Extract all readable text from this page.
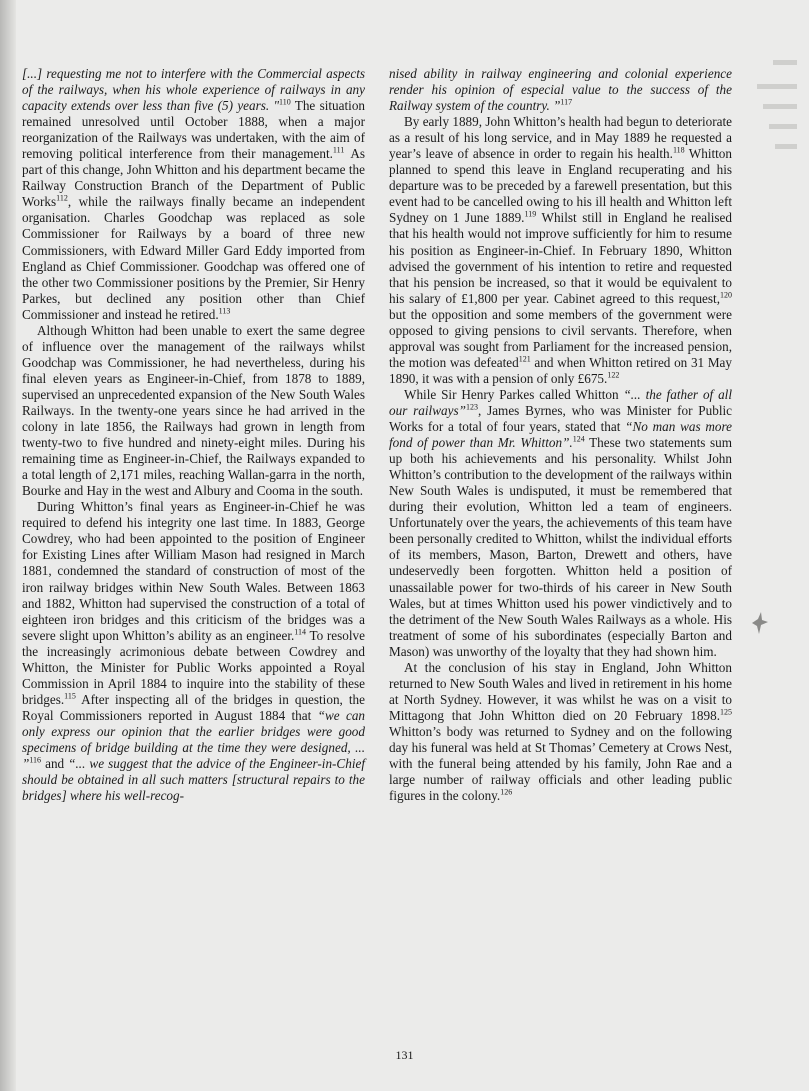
[...] requesting me not to interfere with the Commercial aspects of the railways, when his whole experience of railways in any capacity extends over less than five (5) years. "$^{110}$ The situation remained unresolved until October 1888, when a major reorganization of the Railways was undertaken, with the aim of removing political interference from their management.$^{111}$ As part of this change, John Whitton and his department became the Railway Construction Branch of the Department of Public Works$^{112}$, while the railways finally became an independent organisation. Charles Goodchap was replaced as sole Commissioner for Railways by a board of three new Commissioners, with Edward Miller Gard Eddy imported from England as Chief Commissioner. Goodchap was offered one of the other two Commissioner positions by the Premier, Sir Henry Parkes, but declined any position other than Chief Commissioner and instead he retired.$^{113}$

Although Whitton had been unable to exert the same degree of influence over the management of the railways whilst Goodchap was Commissioner, he had nevertheless, during his final eleven years as Engineer-in-Chief, from 1878 to 1889, supervised an unprecedented expansion of the New South Wales Railways. In the twenty-one years since he had arrived in the colony in late 1856, the Railways had grown in length from twenty-two to five hundred and ninety-eight miles. During his remaining time as Engineer-in-Chief, the Railways expanded to a total length of 2,171 miles, reaching Wallan-garra in the north, Bourke and Hay in the west and Albury and Cooma in the south.

During Whitton’s final years as Engineer-in-Chief he was required to defend his integrity one last time. In 1883, George Cowdrey, who had been appointed to the position of Engineer for Existing Lines after William Mason had resigned in March 1881, condemned the standard of construction of most of the iron railway bridges within New South Wales. Between 1863 and 1882, Whitton had supervised the construction of a total of eighteen iron bridges and this criticism of the bridges was a severe slight upon Whitton’s ability as an engineer.$^{114}$ To resolve the increasingly acrimonious debate between Cowdrey and Whitton, the Minister for Public Works appointed a Royal Commission in April 1884 to inquire into the stability of these bridges.$^{115}$ After inspecting all of the bridges in question, the Royal Commissioners reported in August 1884 that “we can only express our opinion that the earlier bridges were good specimens of bridge building at the time they were designed, ... ”$^{116}$ and “... we suggest that the advice of the Engineer-in-Chief should be obtained in all such matters [structural repairs to the bridges] where his well-recog-

nised ability in railway engineering and colonial experience render his opinion of especial value to the success of the Railway system of the country. ”$^{117}$

By early 1889, John Whitton’s health had begun to deteriorate as a result of his long service, and in May 1889 he requested a year’s leave of absence in order to regain his health.$^{118}$ Whitton planned to spend this leave in England recuperating and his departure was to be preceded by a farewell presentation, but this event had to be cancelled owing to his ill health and Whitton left Sydney on 1 June 1889.$^{119}$ Whilst still in England he realised that his health would not improve sufficiently for him to resume his position as Engineer-in-Chief. In February 1890, Whitton advised the government of his intention to retire and requested that his pension be increased, so that it would be equivalent to his salary of £1,800 per year. Cabinet agreed to this request,$^{120}$ but the opposition and some members of the government were opposed to giving pensions to civil servants. Therefore, when approval was sought from Parliament for the increased pension, the motion was defeated$^{121}$ and when Whitton retired on 31 May 1890, it was with a pension of only £675.$^{122}$

While Sir Henry Parkes called Whitton “... the father of all our railways”$^{123}$, James Byrnes, who was Minister for Public Works for a total of four years, stated that “No man was more fond of power than Mr. Whitton”.$^{124}$ These two statements sum up both his achievements and his personality. Whilst John Whitton’s contribution to the development of the railways within New South Wales is undisputed, it must be remembered that during their evolution, Whitton led a team of engineers. Unfortunately over the years, the achievements of this team have been personally credited to Whitton, whilst the individual efforts of its members, Mason, Barton, Drewett and others, have undeservedly been forgotten. Whitton held a position of unassailable power for two-thirds of his career in New South Wales, but at times Whitton used his power vindictively and to the detriment of the New South Wales Railways as a whole. His treatment of some of his subordinates (especially Barton and Mason) was unworthy of the loyalty that they had shown him.

At the conclusion of his stay in England, John Whitton returned to New South Wales and lived in retirement in his home at North Sydney. However, it was whilst he was on a visit to Mittagong that John Whitton died on 20 February 1898.$^{125}$ Whitton’s body was returned to Sydney and on the following day his funeral was held at St Thomas’ Cemetery at Crows Nest, with the funeral being attended by his family, John Rae and a large number of railway officials and other leading public figures in the colony.$^{126}$

131
